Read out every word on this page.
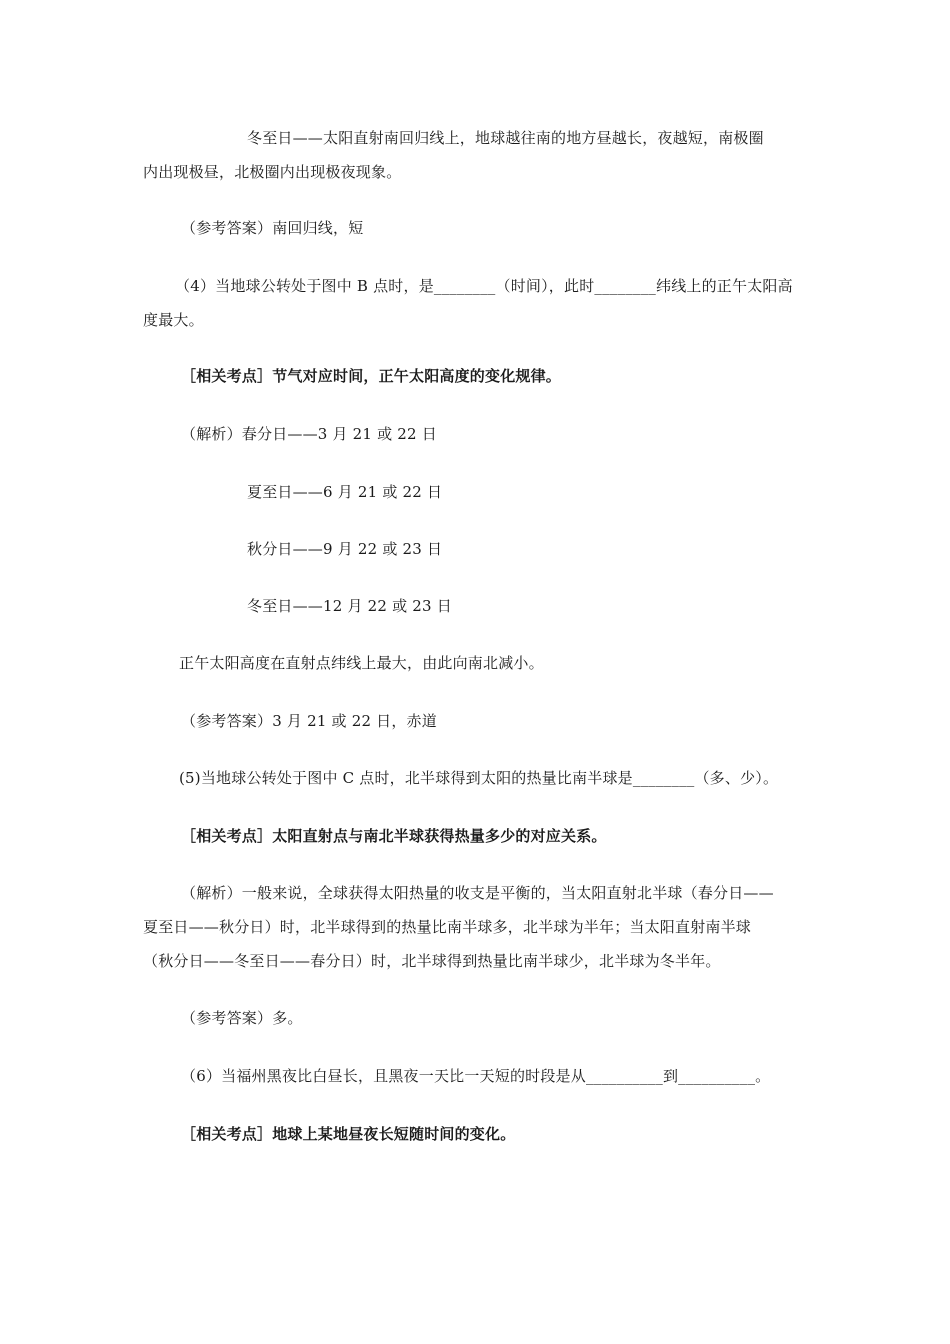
冬至日——太阳直射南回归线上，地球越往南的地方昼越长，夜越短，南极圈
内出现极昼，北极圈内出现极夜现象。
（参考答案）南回归线，短
（4）当地球公转处于图中 B 点时，是________（时间），此时________纬线上的正午太阳高
度最大。
［相关考点］节气对应时间，正午太阳高度的变化规律。
（解析）春分日——3 月 21 或 22 日
夏至日——6 月 21 或 22 日
秋分日——9 月 22 或 23 日
冬至日——12 月 22 或 23 日
正午太阳高度在直射点纬线上最大，由此向南北减小。
（参考答案）3 月 21 或 22 日，赤道
(5)当地球公转处于图中 C 点时，北半球得到太阳的热量比南半球是________（多、少）。
［相关考点］太阳直射点与南北半球获得热量多少的对应关系。
（解析）一般来说，全球获得太阳热量的收支是平衡的，当太阳直射北半球（春分日——
夏至日——秋分日）时，北半球得到的热量比南半球多，北半球为半年；当太阳直射南半球
（秋分日——冬至日——春分日）时，北半球得到热量比南半球少，北半球为冬半年。
（参考答案）多。
（6）当福州黑夜比白昼长，且黑夜一天比一天短的时段是从__________到__________。
［相关考点］地球上某地昼夜长短随时间的变化。
